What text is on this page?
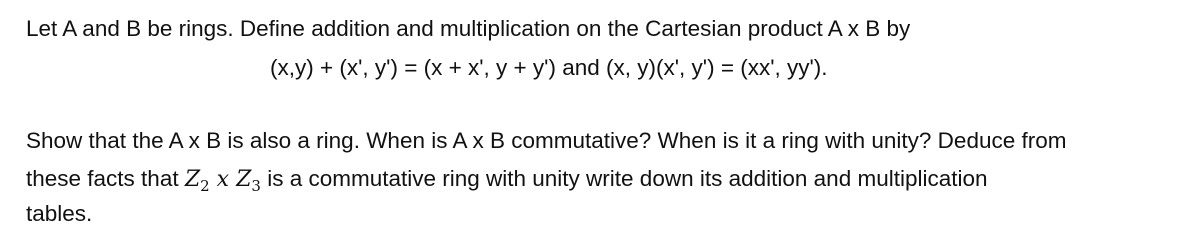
Let A and B be rings. Define addition and multiplication on the Cartesian product A x B by
(x,y) + (x', y') = (x + x', y + y') and (x, y)(x', y') = (xx', yy').
Show that the A x B is also a ring. When is A x B commutative? When is it a ring with unity? Deduce from
these facts that $Z_2$ x $Z_3$ is a commutative ring with unity write down its addition and multiplication
tables.
